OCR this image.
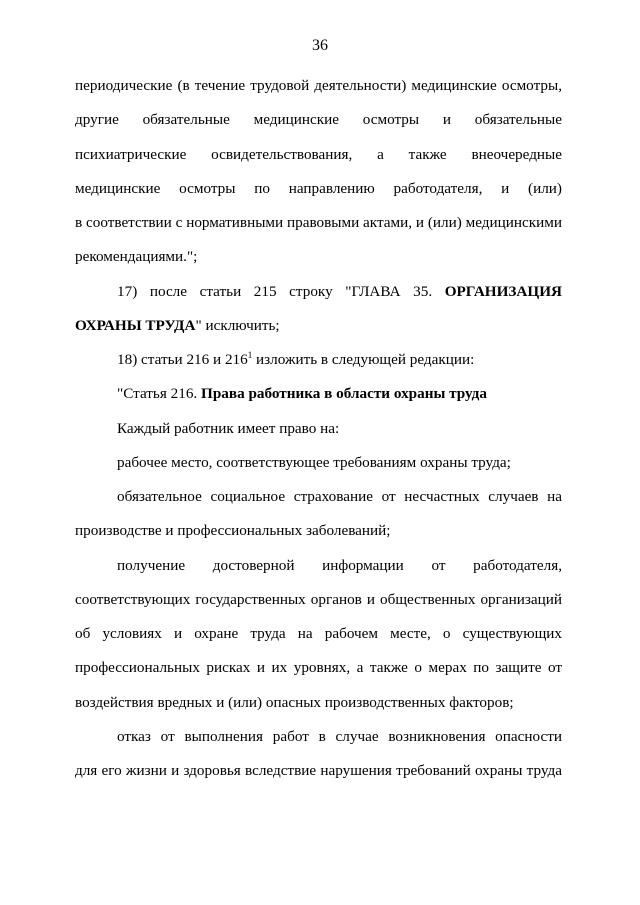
36
периодические (в течение трудовой деятельности) медицинские осмотры,
другие обязательные медицинские осмотры и обязательные
психиатрические освидетельствования, а также внеочередные
медицинские осмотры по направлению работодателя, и (или)
в соответствии с нормативными правовыми актами, и (или) медицинскими
рекомендациями.";
17) после статьи 215 строку "ГЛАВА 35. ОРГАНИЗАЦИЯ
ОХРАНЫ ТРУДА" исключить;
18) статьи 216 и $216^1$ изложить в следующей редакции:
"Статья 216. Права работника в области охраны труда
Каждый работник имеет право на:
рабочее место, соответствующее требованиям охраны труда;
обязательное социальное страхование от несчастных случаев на
производстве и профессиональных заболеваний;
получение достоверной информации от работодателя,
соответствующих государственных органов и общественных организаций
об условиях и охране труда на рабочем месте, о существующих
профессиональных рисках и их уровнях, а также о мерах по защите от
воздействия вредных и (или) опасных производственных факторов;
отказ от выполнения работ в случае возникновения опасности
для его жизни и здоровья вследствие нарушения требований охраны труда
